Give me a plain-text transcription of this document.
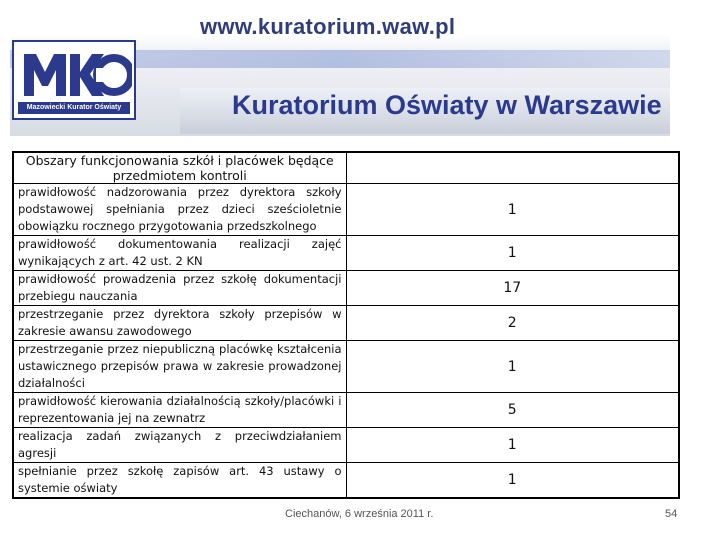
www.kuratorium.waw.pl
Mazowiecki Kurator Oświaty	Kuratorium Oświaty w Warszawie
Obszary funkcjonowania szkół i placówek będące przedmiotem kontroli	
prawidłowość nadzorowania przez dyrektora szkoły podstawowej spełniania przez dzieci sześcioletnie obowiązku rocznego przygotowania przedszkolnego	1
prawidłowość dokumentowania realizacji zajęć wynikających z art. 42 ust. 2 KN	1
prawidłowość prowadzenia przez szkołę dokumentacji przebiegu nauczania	17
przestrzeganie przez dyrektora szkoły przepisów w zakresie awansu zawodowego	2
przestrzeganie przez niepubliczną placówkę kształcenia ustawicznego przepisów prawa w zakresie prowadzonej działalności	1
prawidłowość kierowania działalnością szkoły/placówki i reprezentowania jej na zewnatrz	5
realizacja zadań związanych z przeciwdziałaniem agresji	1
spełnianie przez szkołę zapisów art. 43 ustawy o systemie oświaty	1
Ciechanów, 6 września 2011 r.	54
